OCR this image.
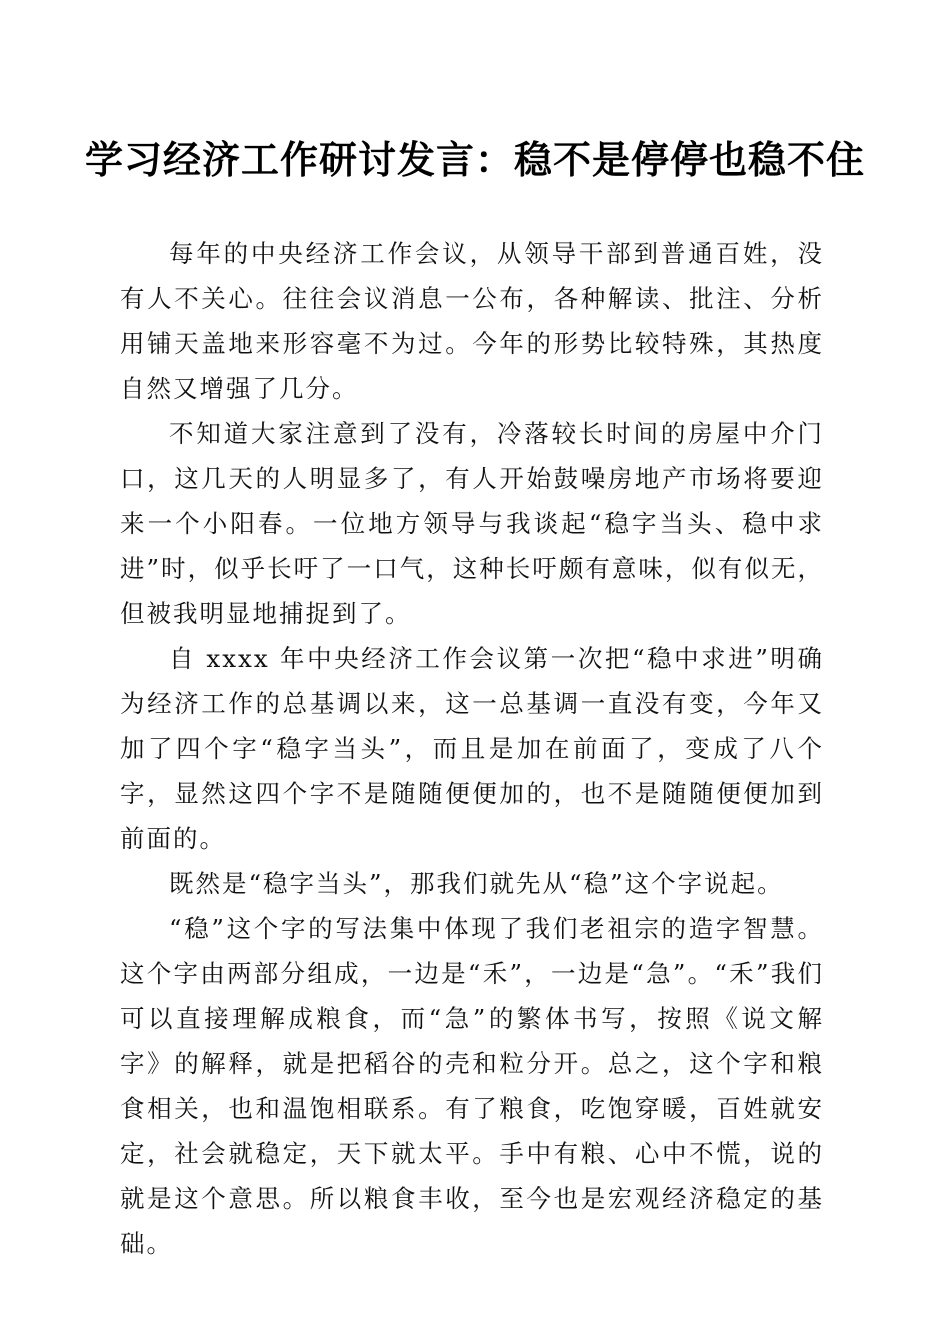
学习经济工作研讨发言：稳不是停停也稳不住

每年的中央经济工作会议，从领导干部到普通百姓，没有人不关心。往往会议消息一公布，各种解读、批注、分析用铺天盖地来形容毫不为过。今年的形势比较特殊，其热度自然又增强了几分。

不知道大家注意到了没有，冷落较长时间的房屋中介门口，这几天的人明显多了，有人开始鼓噪房地产市场将要迎来一个小阳春。一位地方领导与我谈起“稳字当头、稳中求进”时，似乎长吁了一口气，这种长吁颇有意味，似有似无，但被我明显地捕捉到了。

自 xxxx 年中央经济工作会议第一次把“稳中求进”明确为经济工作的总基调以来，这一总基调一直没有变，今年又加了四个字“稳字当头”，而且是加在前面了，变成了八个字，显然这四个字不是随随便便加的，也不是随随便便加到前面的。

既然是“稳字当头”，那我们就先从“稳”这个字说起。

“稳”这个字的写法集中体现了我们老祖宗的造字智慧。这个字由两部分组成，一边是“禾”，一边是“急”。“禾”我们可以直接理解成粮食，而“急”的繁体书写，按照《说文解字》的解释，就是把稻谷的壳和粒分开。总之，这个字和粮食相关，也和温饱相联系。有了粮食，吃饱穿暖，百姓就安定，社会就稳定，天下就太平。手中有粮、心中不慌，说的就是这个意思。所以粮食丰收，至今也是宏观经济稳定的基础。
